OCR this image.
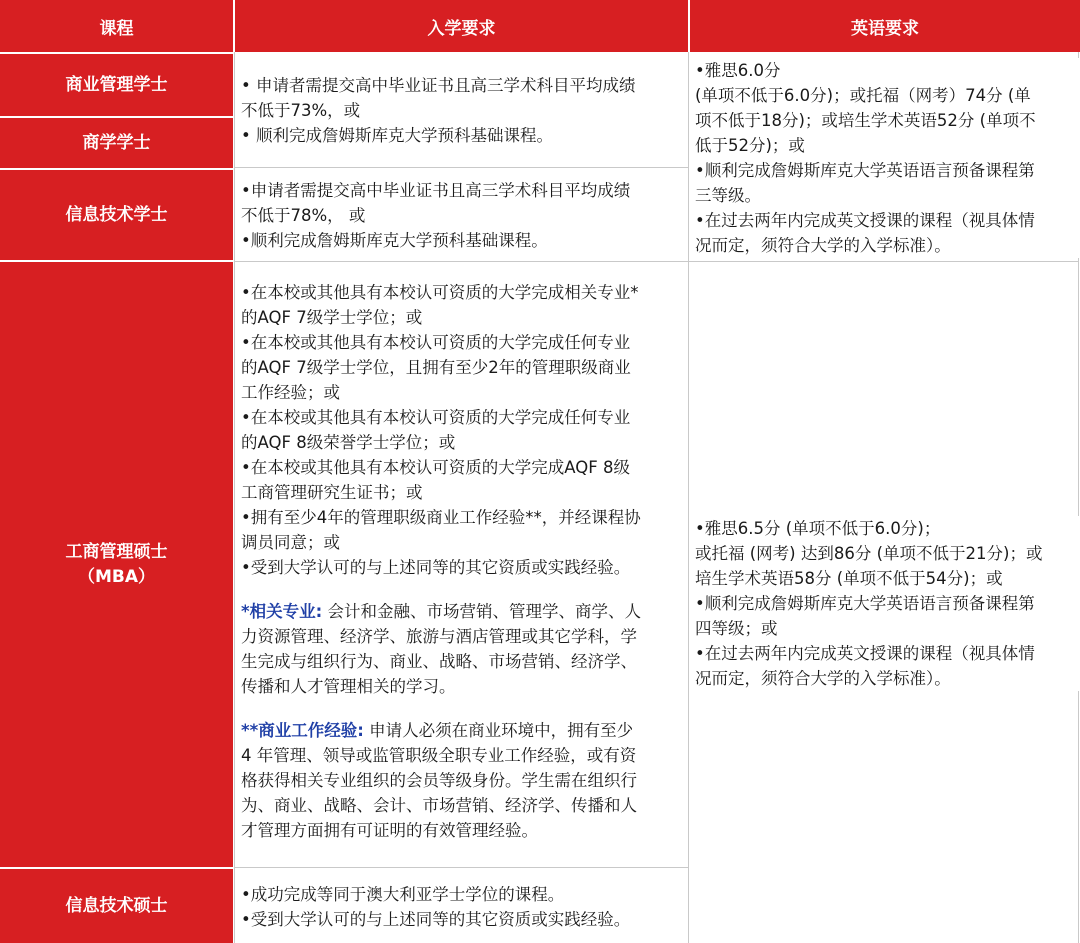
课程	入学要求	英语要求
商业管理学士
商学学士
信息技术学士
工商管理硕士
（MBA）
信息技术硕士
• 申请者需提交高中毕业证书且高三学术科目平均成绩
不低于73%，或
• 顺利完成詹姆斯库克大学预科基础课程。
•申请者需提交高中毕业证书且高三学术科目平均成绩
不低于78%， 或
•顺利完成詹姆斯库克大学预科基础课程。
•雅思6.0分
(单项不低于6.0分)；或托福（网考）74分 (单
项不低于18分)；或培生学术英语52分 (单项不
低于52分)；或
•顺利完成詹姆斯库克大学英语语言预备课程第
三等级。
•在过去两年内完成英文授课的课程（视具体情
况而定，须符合大学的入学标准）。
•在本校或其他具有本校认可资质的大学完成相关专业*
的AQF 7级学士学位；或
•在本校或其他具有本校认可资质的大学完成任何专业
的AQF 7级学士学位，且拥有至少2年的管理职级商业
工作经验；或
•在本校或其他具有本校认可资质的大学完成任何专业
的AQF 8级荣誉学士学位；或
•在本校或其他具有本校认可资质的大学完成AQF 8级
工商管理研究生证书；或
•拥有至少4年的管理职级商业工作经验**，并经课程协
调员同意；或
•受到大学认可的与上述同等的其它资质或实践经验。
*相关专业: 会计和金融、市场营销、管理学、商学、人
力资源管理、经济学、旅游与酒店管理或其它学科，学
生完成与组织行为、商业、战略、市场营销、经济学、
传播和人才管理相关的学习。
**商业工作经验: 申请人必须在商业环境中，拥有至少
4 年管理、领导或监管职级全职专业工作经验，或有资
格获得相关专业组织的会员等级身份。学生需在组织行
为、商业、战略、会计、市场营销、经济学、传播和人
才管理方面拥有可证明的有效管理经验。
•雅思6.5分 (单项不低于6.0分)；
或托福 (网考) 达到86分 (单项不低于21分)；或
培生学术英语58分 (单项不低于54分)；或
•顺利完成詹姆斯库克大学英语语言预备课程第
四等级；或
•在过去两年内完成英文授课的课程（视具体情
况而定，须符合大学的入学标准）。
•成功完成等同于澳大利亚学士学位的课程。
•受到大学认可的与上述同等的其它资质或实践经验。
